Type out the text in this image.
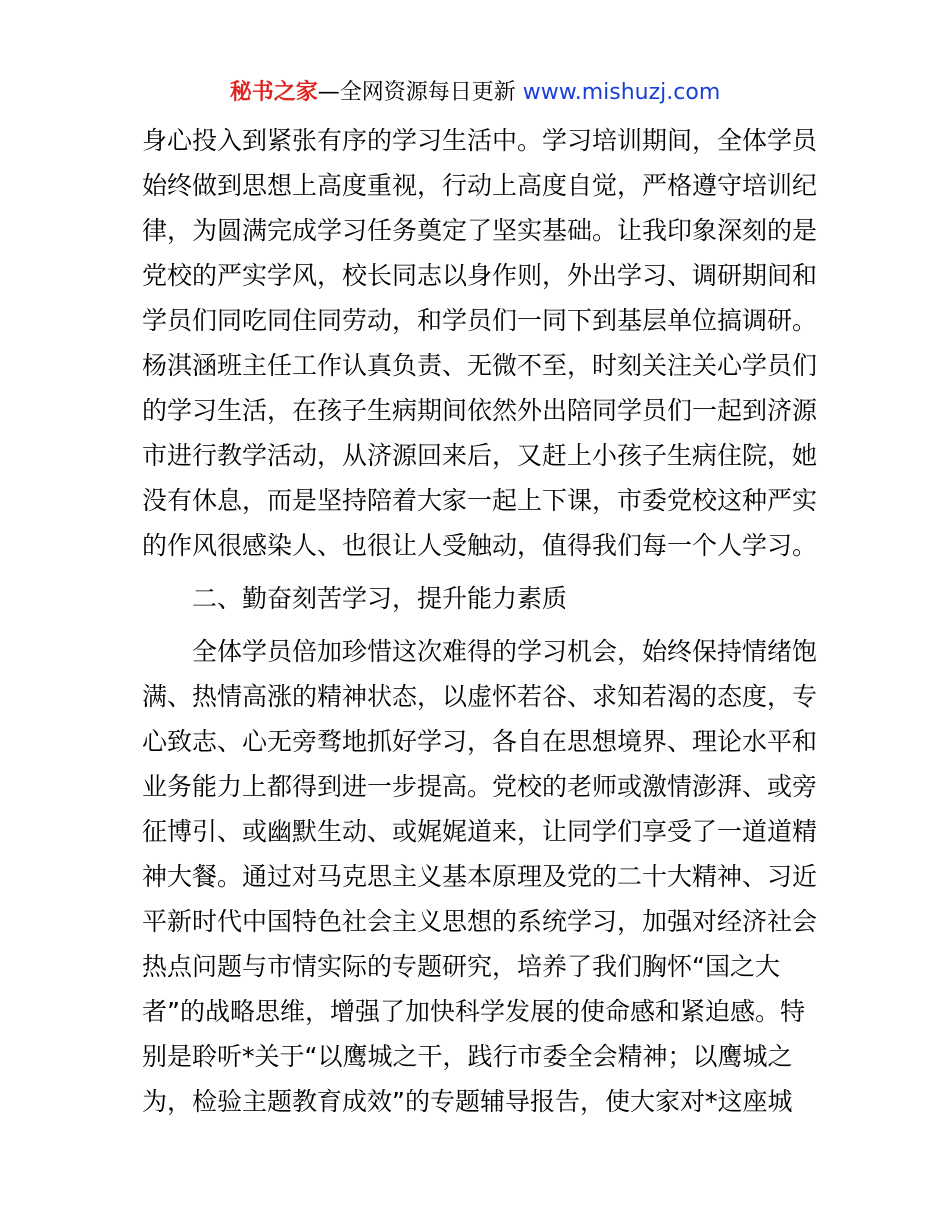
秘书之家—全网资源每日更新 www.mishuzj.com
身心投入到紧张有序的学习生活中。学习培训期间，全体学员
始终做到思想上高度重视，行动上高度自觉，严格遵守培训纪
律，为圆满完成学习任务奠定了坚实基础。让我印象深刻的是
党校的严实学风，校长同志以身作则，外出学习、调研期间和
学员们同吃同住同劳动，和学员们一同下到基层单位搞调研。
杨淇涵班主任工作认真负责、无微不至，时刻关注关心学员们
的学习生活，在孩子生病期间依然外出陪同学员们一起到济源
市进行教学活动，从济源回来后，又赶上小孩子生病住院，她
没有休息，而是坚持陪着大家一起上下课，市委党校这种严实
的作风很感染人、也很让人受触动，值得我们每一个人学习。
二、勤奋刻苦学习，提升能力素质
全体学员倍加珍惜这次难得的学习机会，始终保持情绪饱
满、热情高涨的精神状态，以虚怀若谷、求知若渴的态度，专
心致志、心无旁骛地抓好学习，各自在思想境界、理论水平和
业务能力上都得到进一步提高。党校的老师或激情澎湃、或旁
征博引、或幽默生动、或娓娓道来，让同学们享受了一道道精
神大餐。通过对马克思主义基本原理及党的二十大精神、习近
平新时代中国特色社会主义思想的系统学习，加强对经济社会
热点问题与市情实际的专题研究，培养了我们胸怀“国之大
者”的战略思维，增强了加快科学发展的使命感和紧迫感。特
别是聆听*关于“以鹰城之干，践行市委全会精神；以鹰城之
为，检验主题教育成效”的专题辅导报告，使大家对*这座城
